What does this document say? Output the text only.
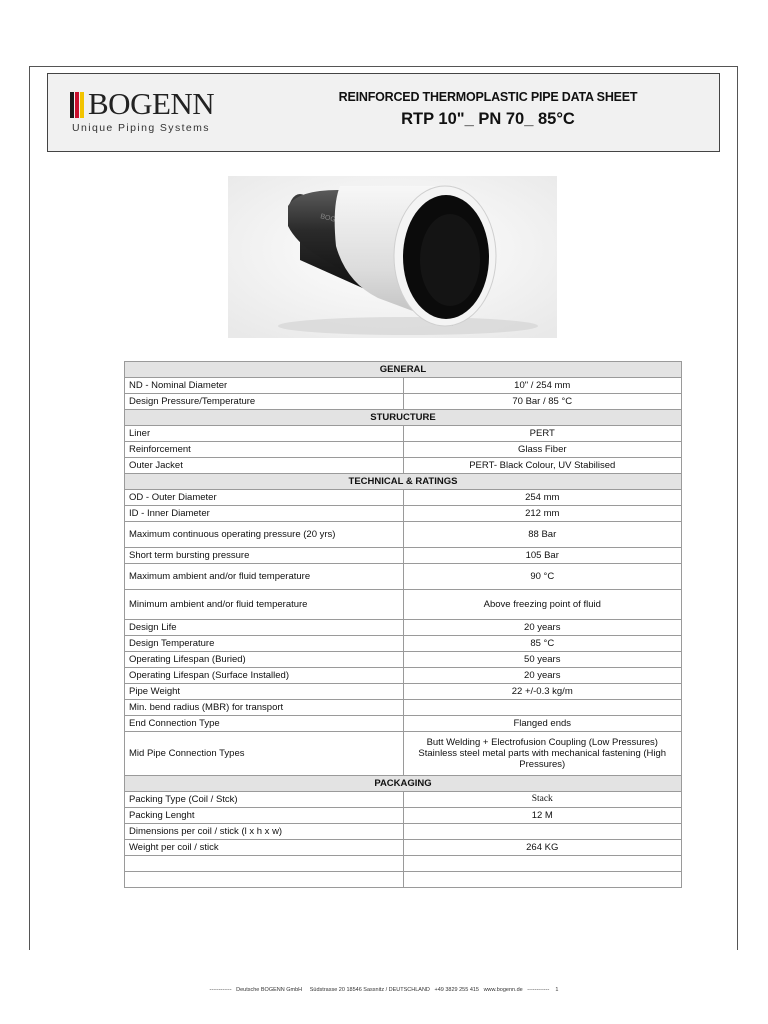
BOGENN
Unique Piping Systems
REINFORCED THERMOPLASTIC PIPE DATA SHEET
RTP 10"_ PN 70_ 85°C
GENERAL	
ND - Nominal Diameter	10" / 254 mm
Design Pressure/Temperature	70 Bar / 85 °C
STURUCTURE	
Liner	PERT
Reinforcement	Glass Fiber
Outer Jacket	PERT- Black Colour, UV Stabilised
TECHNICAL & RATINGS	
OD - Outer Diameter	254 mm
ID - Inner Diameter	212 mm
Maximum continuous operating pressure (20 yrs)	88 Bar
Short term bursting pressure	105 Bar
Maximum ambient and/or fluid temperature	90 °C
Minimum ambient and/or fluid temperature	Above freezing point of fluid
Design Life	20 years
Design Temperature	85 °C
Operating Lifespan (Buried)	50 years
Operating Lifespan (Surface Installed)	20 years
Pipe Weight	22 +/-0.3 kg/m
Min. bend radius (MBR) for transport	
End Connection Type	Flanged ends
Mid Pipe Connection Types	Butt Welding + Electrofusion Coupling (Low Pressures)
Stainless steel metal parts with mechanical fastening (High Pressures)

PACKAGING	
Packing Type (Coil / Stck)	Stack
Packing Lenght	12 M
Dimensions per coil / stick (l x h x w)	
Weight per coil / stick	264 KG

------------   Deutsche BOGENN GmbH     Südstrasse 20 18546 Sassnitz / DEUTSCHLAND   +49 3829 255 415   www.bogenn.de   ------------    1
